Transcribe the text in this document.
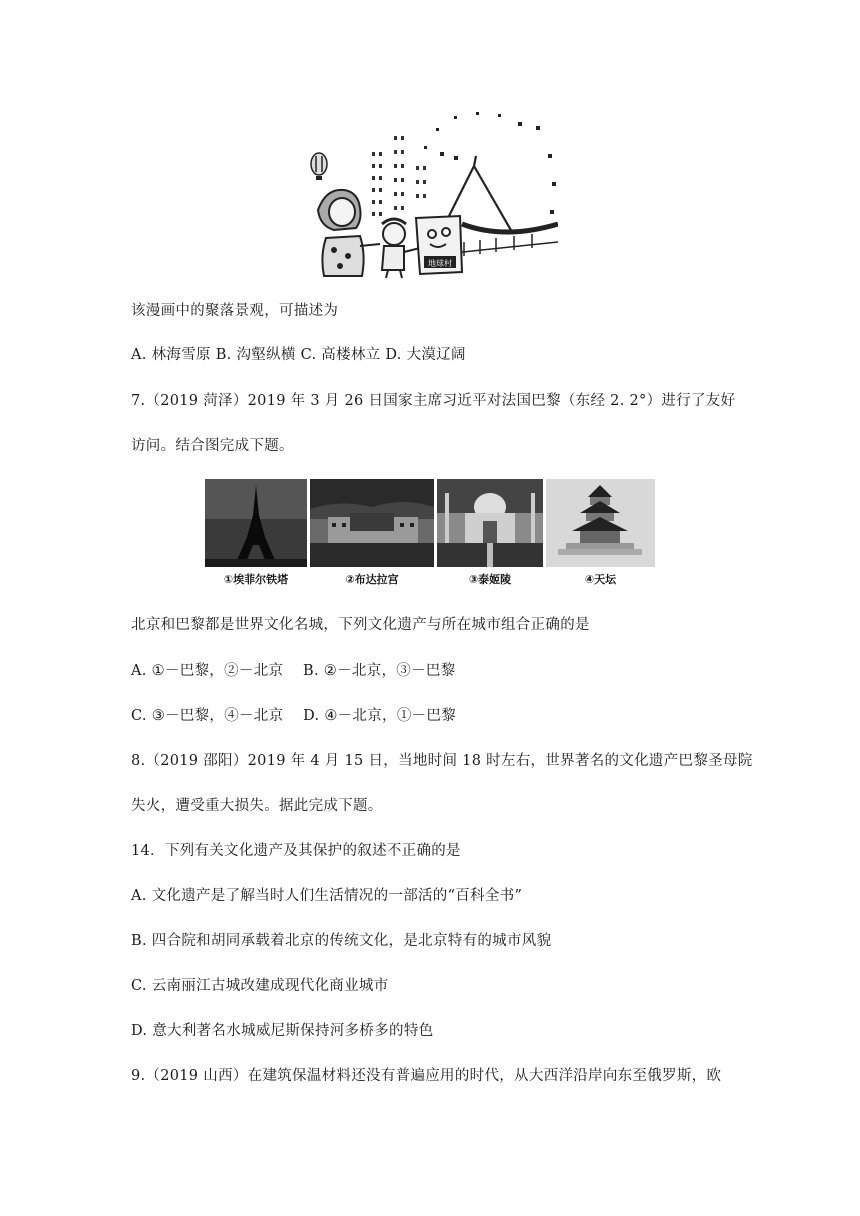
地球村
该漫画中的聚落景观，可描述为
A. 林海雪原 B. 沟壑纵横 C. 高楼林立 D. 大漠辽阔
7.（2019 菏泽）2019 年 3 月 26 日国家主席习近平对法国巴黎（东经 2. 2°）进行了友好
访问。结合图完成下题。
①埃菲尔铁塔	②布达拉宫	③泰姬陵	④天坛
北京和巴黎都是世界文化名城，下列文化遗产与所在城市组合正确的是
A. ①－巴黎，②－北京　 B. ②－北京，③－巴黎
C. ③－巴黎，④－北京　 D. ④－北京，①－巴黎
8.（2019 邵阳）2019 年 4 月 15 日，当地时间 18 时左右，世界著名的文化遗产巴黎圣母院
失火，遭受重大损失。据此完成下题。
14．下列有关文化遗产及其保护的叙述不正确的是
A. 文化遗产是了解当时人们生活情况的一部活的“百科全书”
B. 四合院和胡同承载着北京的传统文化，是北京特有的城市风貌
C. 云南丽江古城改建成现代化商业城市
D. 意大利著名水城威尼斯保持河多桥多的特色
9.（2019 山西）在建筑保温材料还没有普遍应用的时代，从大西洋沿岸向东至俄罗斯，欧
